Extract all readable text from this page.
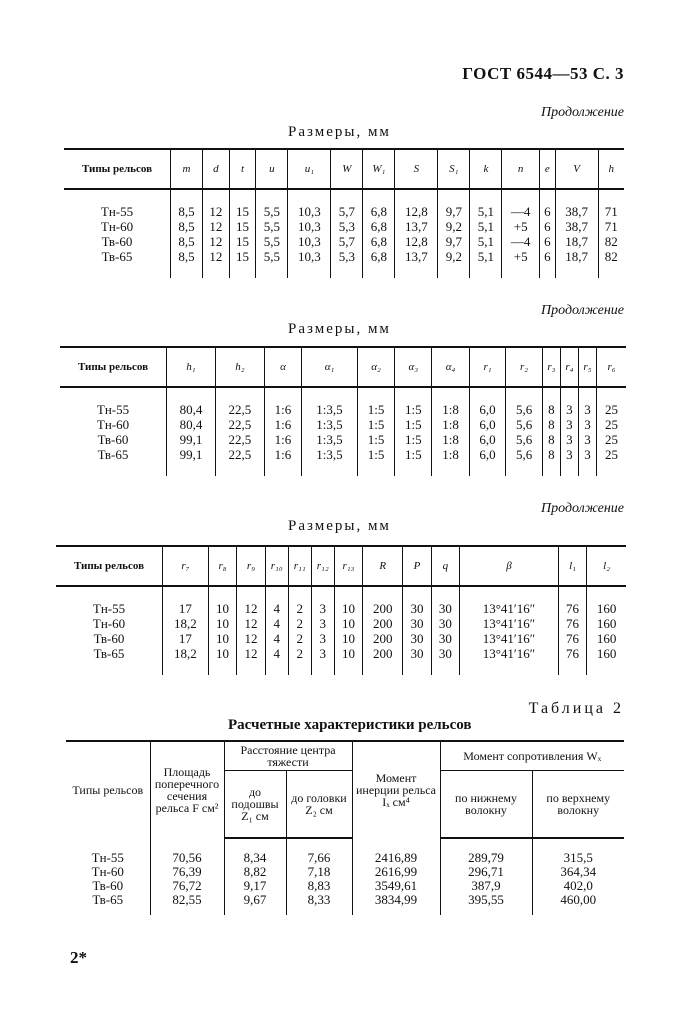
ГОСТ 6544—53 С. 3
Продолжение
Размеры, мм
Типы рельсов	m	d	t	u	u₁	W	W₁	S	S₁	k	n	e	V	h

Тн-55	8,5	12	15	5,5	10,3	5,7	6,8	12,8	9,7	5,1	—4	6	38,7	71
Тн-60	8,5	12	15	5,5	10,3	5,3	6,8	13,7	9,2	5,1	+5	6	38,7	71
Тв-60	8,5	12	15	5,5	10,3	5,7	6,8	12,8	9,7	5,1	—4	6	18,7	82
Тв-65	8,5	12	15	5,5	10,3	5,3	6,8	13,7	9,2	5,1	+5	6	18,7	82
Продолжение
Размеры, мм
Типы рельсов	h₁	h₂	α	α₁	α₂	α₃	α₄	r₁	r₂	r₃	r₄	r₅	r₆

Тн-55	80,4	22,5	1:6	1:3,5	1:5	1:5	1:8	6,0	5,6	8	3	3	25
Тн-60	80,4	22,5	1:6	1:3,5	1:5	1:5	1:8	6,0	5,6	8	3	3	25
Тв-60	99,1	22,5	1:6	1:3,5	1:5	1:5	1:8	6,0	5,6	8	3	3	25
Тв-65	99,1	22,5	1:6	1:3,5	1:5	1:5	1:8	6,0	5,6	8	3	3	25
Продолжение
Размеры, мм
Типы рельсов	r₇	r₈	r₉	r₁₀	r₁₁	r₁₂	r₁₃	R	P	q	β	l₁	l₂

Тн-55	17	10	12	4	2	3	10	200	30	30	13°41′16″	76	160
Тн-60	18,2	10	12	4	2	3	10	200	30	30	13°41′16″	76	160
Тв-60	17	10	12	4	2	3	10	200	30	30	13°41′16″	76	160
Тв-65	18,2	10	12	4	2	3	10	200	30	30	13°41′16″	76	160
Таблица 2
Расчетные характеристики рельсов
Типы рельсов	Площадь поперечного сечения рельса F см²	Расстояние центра тяжести		Момент инерции рельса Iₓ см⁴	Момент сопротивления Wₓ	
		до подошвы Z₁ см	до головки Z₂ см		по нижнему волокну	по верхнему волокну

Тн-55	70,56	8,34	7,66	2416,89	289,79	315,5
Тн-60	76,39	8,82	7,18	2616,99	296,71	364,34
Тв-60	76,72	9,17	8,83	3549,61	387,9	402,0
Тв-65	82,55	9,67	8,33	3834,99	395,55	460,00
2*
